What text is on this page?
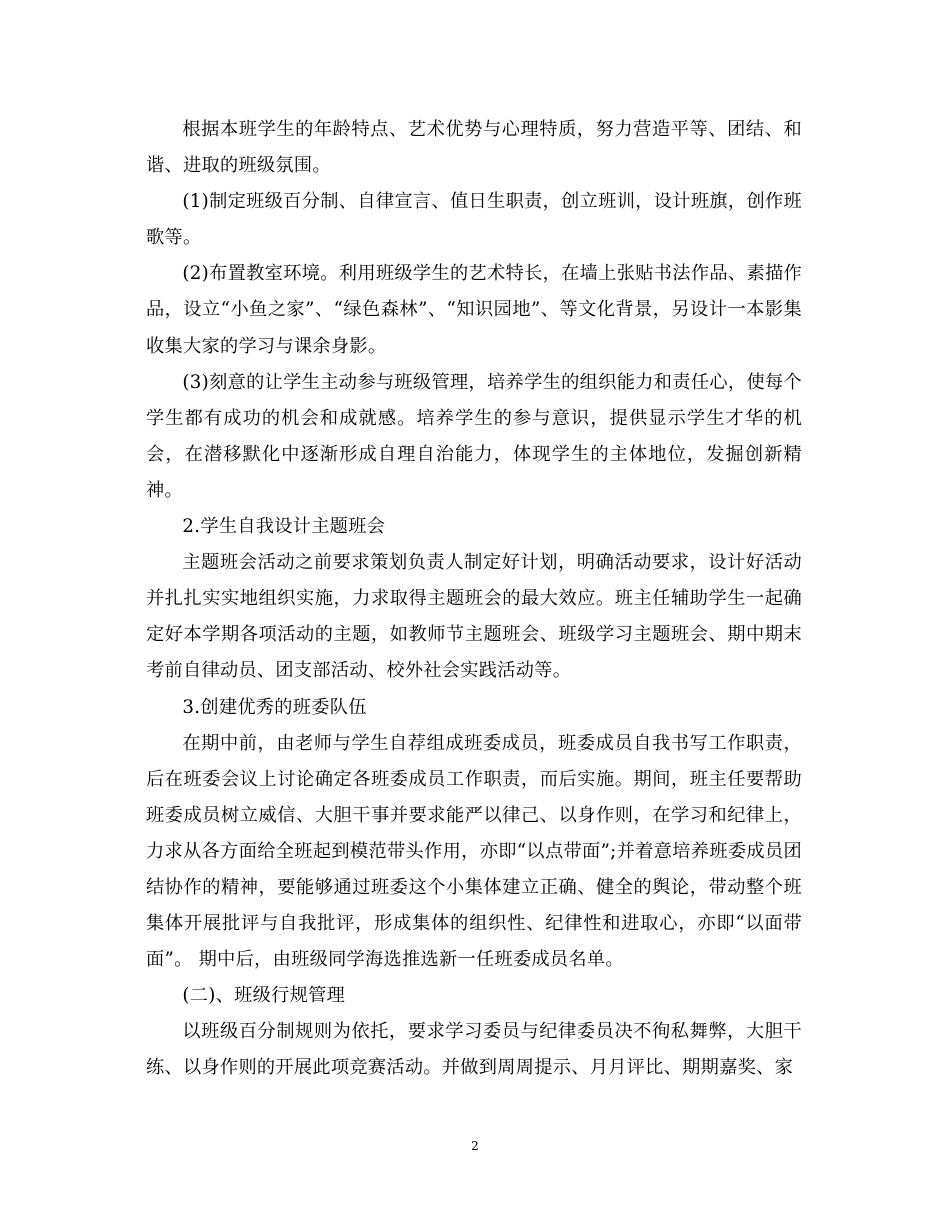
根据本班学生的年龄特点、艺术优势与心理特质，努力营造平等、团结、和谐、进取的班级氛围。

(1)制定班级百分制、自律宣言、值日生职责，创立班训，设计班旗，创作班歌等。

(2)布置教室环境。利用班级学生的艺术特长，在墙上张贴书法作品、素描作品，设立“小鱼之家”、“绿色森林”、“知识园地”、等文化背景，另设计一本影集收集大家的学习与课余身影。

(3)刻意的让学生主动参与班级管理，培养学生的组织能力和责任心，使每个学生都有成功的机会和成就感。培养学生的参与意识，提供显示学生才华的机会，在潜移默化中逐渐形成自理自治能力，体现学生的主体地位，发掘创新精神。

2.学生自我设计主题班会

主题班会活动之前要求策划负责人制定好计划，明确活动要求，设计好活动并扎扎实实地组织实施，力求取得主题班会的最大效应。班主任辅助学生一起确定好本学期各项活动的主题，如教师节主题班会、班级学习主题班会、期中期末考前自律动员、团支部活动、校外社会实践活动等。

3.创建优秀的班委队伍

在期中前，由老师与学生自荐组成班委成员，班委成员自我书写工作职责，后在班委会议上讨论确定各班委成员工作职责，而后实施。期间，班主任要帮助班委成员树立威信、大胆干事并要求能严以律己、以身作则，在学习和纪律上，力求从各方面给全班起到模范带头作用，亦即“以点带面”;并着意培养班委成员团结协作的精神，要能够通过班委这个小集体建立正确、健全的舆论，带动整个班集体开展批评与自我批评，形成集体的组织性、纪律性和进取心，亦即“以面带面”。 期中后，由班级同学海选推选新一任班委成员名单。

(二)、班级行规管理

以班级百分制规则为依托，要求学习委员与纪律委员决不徇私舞弊，大胆干练、以身作则的开展此项竞赛活动。并做到周周提示、月月评比、期期嘉奖、家

2
